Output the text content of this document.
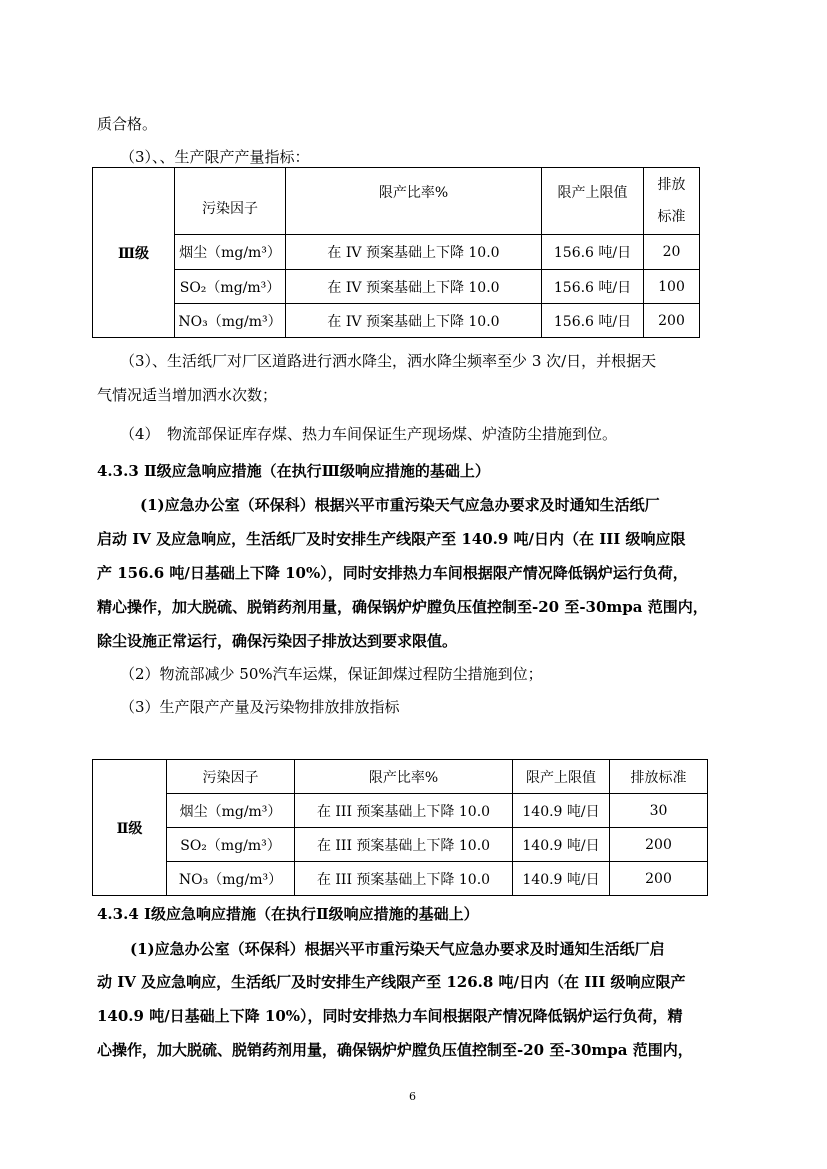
质合格。
（3）、、生产限产产量指标：
Ⅲ级	污染因子	限产比率%	限产上限值	排放
标准
	烟尘（mg/m³）	在 IV 预案基础上下降 10.0	156.6 吨/日	20
	SO₂（mg/m³）	在 IV 预案基础上下降 10.0	156.6 吨/日	100
	NO₃（mg/m³）	在 IV 预案基础上下降 10.0	156.6 吨/日	200
（3）、生活纸厂对厂区道路进行洒水降尘，洒水降尘频率至少 3 次/日，并根据天
气情况适当增加洒水次数；
（4）　物流部保证库存煤、热力车间保证生产现场煤、炉渣防尘措施到位。
4.3.3 Ⅱ级应急响应措施（在执行Ⅲ级响应措施的基础上）
(1)应急办公室（环保科）根据兴平市重污染天气应急办要求及时通知生活纸厂
启动 IV 及应急响应，生活纸厂及时安排生产线限产至 140.9 吨/日内（在 III 级响应限
产 156.6 吨/日基础上下降 10%），同时安排热力车间根据限产情况降低锅炉运行负荷，
精心操作，加大脱硫、脱销药剂用量，确保锅炉炉膛负压值控制至-20 至-30mpa 范围内，
除尘设施正常运行，确保污染因子排放达到要求限值。
（2）物流部减少 50%汽车运煤，保证卸煤过程防尘措施到位；
（3）生产限产产量及污染物排放排放指标
Ⅱ级	污染因子	限产比率%	限产上限值	排放标准
	烟尘（mg/m³）	在 III 预案基础上下降 10.0	140.9 吨/日	30
	SO₂（mg/m³）	在 III 预案基础上下降 10.0	140.9 吨/日	200
	NO₃（mg/m³）	在 III 预案基础上下降 10.0	140.9 吨/日	200
4.3.4 Ⅰ级应急响应措施（在执行Ⅱ级响应措施的基础上）
(1)应急办公室（环保科）根据兴平市重污染天气应急办要求及时通知生活纸厂启
动 IV 及应急响应，生活纸厂及时安排生产线限产至 126.8 吨/日内（在 III 级响应限产
140.9 吨/日基础上下降 10%），同时安排热力车间根据限产情况降低锅炉运行负荷，精
心操作，加大脱硫、脱销药剂用量，确保锅炉炉膛负压值控制至-20 至-30mpa 范围内，
6
